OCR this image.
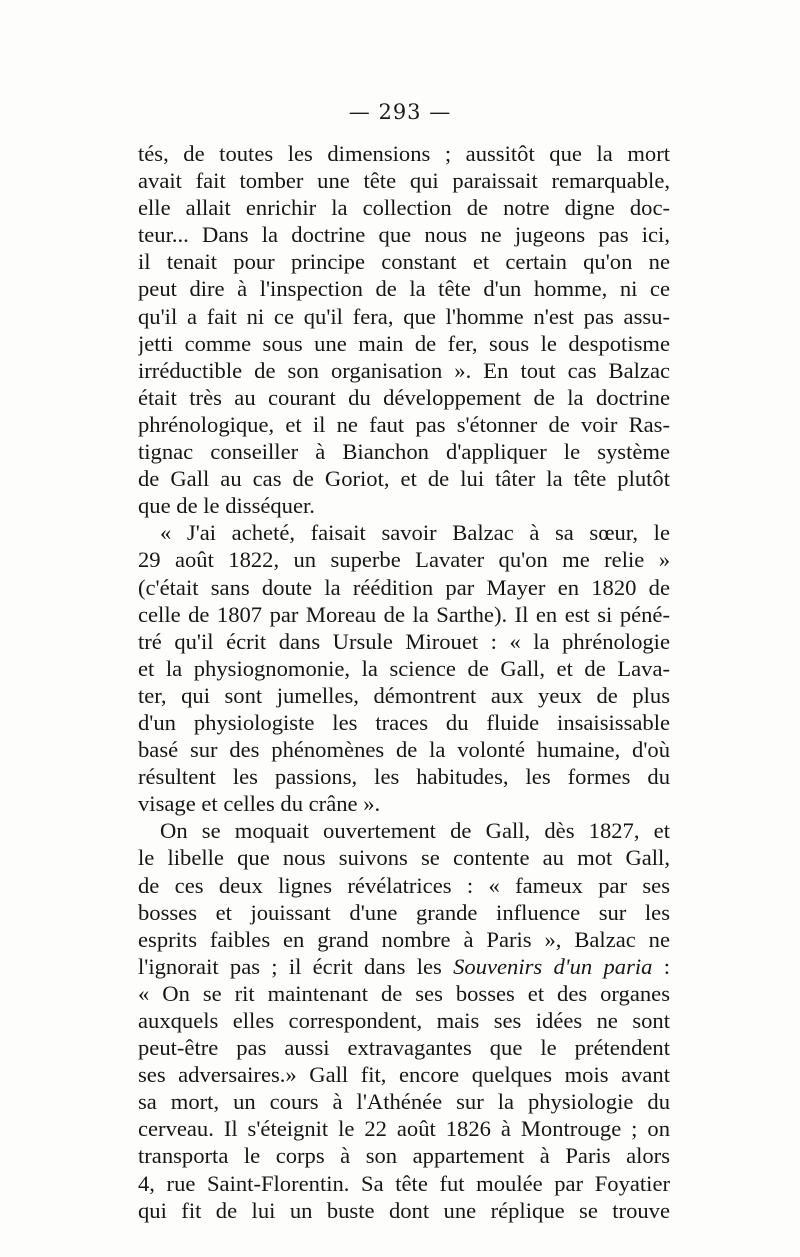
— 293 —
tés, de toutes les dimensions ; aussitôt que la mort
avait fait tomber une tête qui paraissait remarquable,
elle allait enrichir la collection de notre digne doc-
teur... Dans la doctrine que nous ne jugeons pas ici,
il tenait pour principe constant et certain qu'on ne
peut dire à l'inspection de la tête d'un homme, ni ce
qu'il a fait ni ce qu'il fera, que l'homme n'est pas assu-
jetti comme sous une main de fer, sous le despotisme
irréductible de son organisation ». En tout cas Balzac
était très au courant du développement de la doctrine
phrénologique, et il ne faut pas s'étonner de voir Ras-
tignac conseiller à Bianchon d'appliquer le système
de Gall au cas de Goriot, et de lui tâter la tête plutôt
que de le disséquer.
« J'ai acheté, faisait savoir Balzac à sa sœur, le
29 août 1822, un superbe Lavater qu'on me relie »
(c'était sans doute la réédition par Mayer en 1820 de
celle de 1807 par Moreau de la Sarthe). Il en est si péné-
tré qu'il écrit dans Ursule Mirouet : « la phrénologie
et la physiognomonie, la science de Gall, et de Lava-
ter, qui sont jumelles, démontrent aux yeux de plus
d'un physiologiste les traces du fluide insaisissable
basé sur des phénomènes de la volonté humaine, d'où
résultent les passions, les habitudes, les formes du
visage et celles du crâne ».
On se moquait ouvertement de Gall, dès 1827, et
le libelle que nous suivons se contente au mot Gall,
de ces deux lignes révélatrices : « fameux par ses
bosses et jouissant d'une grande influence sur les
esprits faibles en grand nombre à Paris », Balzac ne
l'ignorait pas ; il écrit dans les Souvenirs d'un paria :
« On se rit maintenant de ses bosses et des organes
auxquels elles correspondent, mais ses idées ne sont
peut-être pas aussi extravagantes que le prétendent
ses adversaires.» Gall fit, encore quelques mois avant
sa mort, un cours à l'Athénée sur la physiologie du
cerveau. Il s'éteignit le 22 août 1826 à Montrouge ; on
transporta le corps à son appartement à Paris alors
4, rue Saint-Florentin. Sa tête fut moulée par Foyatier
qui fit de lui un buste dont une réplique se trouve
